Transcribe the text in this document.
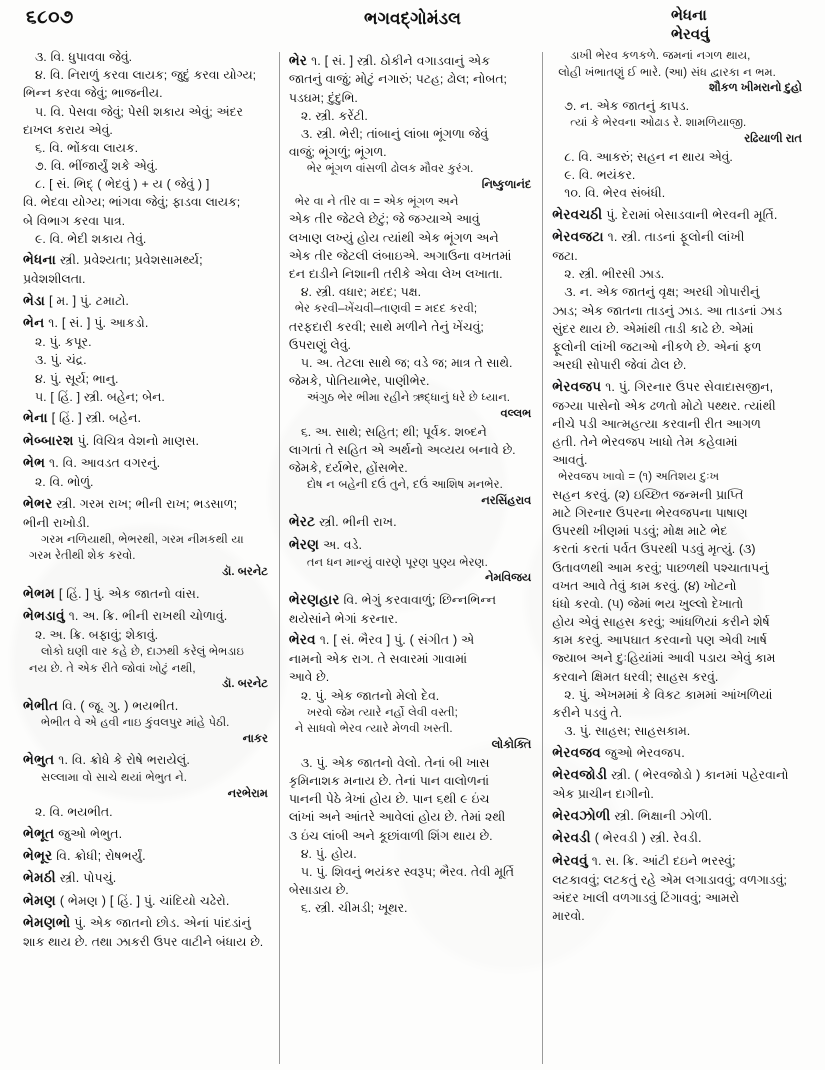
૬૮૦૭	ભગવદ્ગોમંડલ	ભેધના
ભેરવવું
૩. વિ. ધુપાવવા જેવું.
૪. વિ. નિરાળું કરવા લાયક; જુદું કરવા યોગ્ય;
ભિન્ન કરવા જેવું; ભાજનીય.
૫. વિ. પેસવા જેવું; પેસી શકાય એવું; અંદર
દાખલ કરાય એવું.
૬. વિ. ભોંકવા લાયક.
૭. વિ. ભીંજાર્યું શકે એવું.
૮. [ સં. ભિદ્ ( ભેદવું ) + ય ( જેવું ) ]
વિ. ભેદવા યોગ્ય; ભાંગવા જેવું; ફાડવા લાયક;
બે વિભાગ કરવા પાત્ર.
૯. વિ. ભેદી શકાય તેવું.
ભેધના સ્ત્રી. પ્રવેશ્યતા; પ્રવેશસામર્થ્ય;
પ્રવેશશીલતા.
ભેડા [ મ. ] પું. ટમાટો.
ભેન ૧. [ સં. ] પું. આકડો.
૨. પું. કપૂર.
૩. પું. ચંદ્ર.
૪. પું. સૂર્ય; ભાનુ.
૫. [ હિં. ] સ્ત્રી. બહેન; બેન.
ભેના [ હિં. ] સ્ત્રી. બહેન.
ભેબ્બારશ પું. વિચિત્ર વેશનો માણસ.
ભેભ ૧. વિ. આવડત વગરનું.
૨. વિ. ભોળું.
ભેભર સ્ત્રી. ગરમ રાખ; ભીની રાખ; ભડસાળ;
ભીની રાખોડી.
ગરમ નળિયાથી, ભેભરથી, ગરમ નીમકથી યા
ગરમ રેતીથી શેક કરવો.
ડૉ. બરનેટ
ભેભમ [ હિં. ] પું. એક જાતનો વાંસ.
ભેભડાવું ૧. અ. ક્રિ. ભીની રાખથી ચોળાવું.
૨. અ. ક્રિ. બફાવું; શેકાવું.
લોકો ઘણી વાર કહે છે, દાઝથી કરેલું ભેભડાઇ
નય છે. તે એક રીતે જોવાં ખોટું નથી,
ડૉ. બરનેટ
ભેભીત વિ. ( જૂ. ગુ. ) ભયભીત.
ભેભીત વે એ હવી નાઇ કુંવલપુર માંહે પેઠી.
નાકર
ભેભુત ૧. વિ. ક્રોધે કે રોષે ભરાયેલું.
સલ્લામા વો સાચે થયાં ભેભુત ને.
નરભેરામ
૨. વિ. ભયભીત.
ભેભૂત જુઓ ભેભુત.
ભેભૂર વિ. ક્રોધી; રોષભર્યું.
ભેમઠી સ્ત્રી. પોપચું.
ભેમણ ( ભેમણ ) [ હિં. ] પું. ચાંદિયો ચઢેરો.
ભેમણભો પું. એક જાતનો છોડ. એનાં પાંદડાંનું
શાક થાય છે. તથા ઝાકરી ઉપર વાટીને બંધાય છે.
ભેર ૧. [ સં. ] સ્ત્રી. ઠોકીને વગાડવાનું એક
જાતનું વાજું; મોટું નગારું; પટહ; ઢોલ; નોબત;
પડઘમ; દુંદુભિ.
૨. સ્ત્રી. કરેંટી.
૩. સ્ત્રી. ભેરી; તાંબાનું લાંબા ભૂંગળા જેવું
વાજું; ભૂંગળું; ભૂંગળ.
ભેર ભૂંગળ વાંસળી ઢોલક મૌવર કુરંગ.
નિષ્કુળાનંદ
ભેર વા ને તીર વા = એક ભૂંગળ અને
એક તીર જેટલે છેટું; જે જગ્યાએ આવું
લખાણ લખ્યું હોય ત્યાંથી એક ભૂંગળ અને
એક તીર જેટલી લંબાઇએ. અગાઉના વખતમાં
દન દાડીને નિશાની તરીકે એવા લેખ લખાતા.
૪. સ્ત્રી. વધાર; મદદ; પક્ષ.
ભેર કરવી–ખેંચવી–તાણવી = મદદ કરવી;
તરફદારી કરવી; સાથે મળીને તેનું ખેંચવું;
ઉપરાણું લેવું.
૫. અ. તેટલા સાથે જ; વડે જ; માત્ર તે સાથે.
જેમકે, પોતિયાભેર, પાણીભેર.
અંગુઠ ભેર ભીમા રહીને ઋદ્ધાનું ધરે છે ધ્યાન.
વલ્લભ
૬. અ. સાથે; સહિત; થી; પૂર્વક. શબ્દને
લાગતાં તે સહિત એ અર્થનો અવ્યય બનાવે છે.
જેમકે, દર્યભેર, હોંસભેર.
દોષ ન બહેની દઉં તુને, દઉં આશિષ મનભેર.
નરસિંહરાવ
ભેરટ સ્ત્રી. ભીની રાખ.
ભેરણ અ. વડે.
તન ધન માન્યું વારણે પૂરણ પુણ્ય ભેરણ.
નેમવિજય
ભેરણહાર વિ. ભેગું કરવાવાળું; છિન્નભિન્ન
થયેસાંને ભેગાં કરનાર.
ભેરવ ૧. [ સં. ભૈરવ ] પું. ( સંગીત ) એ
નામનો એક રાગ. તે સવારમાં ગાવામાં
આવે છે.
૨. પું. એક જાતનો મેલો દેવ.
ખરવો જેમ ત્યારે નર્હો લેવી વસ્તી;
ને સાધવો ભેરવ ત્યારે મેળવી ખસ્તી.
લોકોક્તિ
૩. પું. એક જાતનો વેલો. તેનાં બી ખાસ
કૃમિનાશક મનાય છે. તેનાં પાન વાલોળનાં
પાનની પેઠે ત્રેખાં હોય છે. પાન ૬થી ૯ ઇંચ
લાંખાં અને આંતરે આવેલાં હોય છે. તેમાં ૨થી
૩ ઇંચ લાંબી અને કૂછાંવાળી શિંગ થાય છે.
૪. પું. હોય.
૫. પું. શિવનું ભયંકર સ્વરૂપ; ભૈરવ. તેવી મૂર્તિ
બેસાડાય છે.
૬. સ્ત્રી. ચીમડી; ખૂથર.
ડાખી ભેરવ કળકળે. જમનાં નગળ થાય,
લોહી ખંભાતણું ઈ ભારે. (આ) સંધ દ્વારકા ન ભમ.
શૌકળ ખીમરાનો દુહો
૭. ન. એક જાતનું કાપડ.
ત્યાં કે ભેરવના ઓઢાડ રે. શામળિયાજી.
રઢિયાળી રાત
૮. વિ. આકરું; સહન ન થાય એવું.
૯. વિ. ભયંકર.
૧૦. વિ. ભેરવ સંબંધી.
ભેરવચઠી પું. દેરામાં બેસાડવાની ભેરવની મૂર્તિ.
ભેરવજટા ૧. સ્ત્રી. તાડનાં ફૂલોની લાંખી
જટા.
૨. સ્ત્રી. ભીરસી ઝાડ.
૩. ન. એક જાતનું વૃક્ષ; અરધી ગોપારીનું
ઝાડ; એક જાતના તાડનું ઝાડ. આ તાડનાં ઝાડ
સુંદર થાય છે. એમાંથી તાડી કાઢે છે. એમાં
ફૂલોની લાંખી જટાઓ નીકળે છે. એનાં ફળ
અરધી સોપારી જેવાં ઢોલ છે.
ભેરવજપ ૧. પું. ગિરનાર ઉપર સેવાદાસજીન,
જગ્યા પાસેનો એક ઢળતો મોટો પથ્થર. ત્યાંથી
નીચે પડી આત્મહત્યા કરવાની રીત આગળ
હતી. તેને ભેરવજપ ખાધો તેમ કહેવામાં
આવતું.
ભેરવજપ ખાવો = (૧) અતિશય દુઃખ
સહન કરવું. (૨) ઇચ્છિત જન્મની પ્રાપ્તિ
માટે ગિરનાર ઉપરના ભેરવજપના પાષાણ
ઉપરથી ખીણમાં પડવું; મોક્ષ માટે ભેદ
કરતાં કરતાં પર્વત ઉપરથી પડવું મૃત્યું. (૩)
ઉતાવળથી આમ કરવું; પાછળથી પશ્ચાતાપનું
વખત આવે તેવું કામ કરવું. (૪) ખોટનો
ધંધો કરવો. (૫) જેમાં ભય ખુલ્લો દેખાતો
હોય એવું સાહસ કરવું; આંધળિયાં કરીને શેર્ષ
કામ કરવું. આપઘાત કરવાનો પણ એવી ખાર્ષ
જ્યાબ અને દુઃહિયાંમાં આવી પડાય એવું કામ
કરવાને ક્ષિમત ધરવી; સાહસ કરવું.
૨. પું. એખમમાં કે વિકટ કામમાં આંખળિયાં
કરીને પડવું તે.
૩. પું. સાહસ; સાહસકામ.
ભેરવજવ જુઓ ભેરવજપ.
ભેરવજોડી સ્ત્રી. ( ભેરવજોડો ) કાનમાં પહેરવાનો
એક પ્રાચીન દાગીનો.
ભેરવઝોળી સ્ત્રી. ભિક્ષાની ઝોળી.
ભેરવડી ( ભેરવડી ) સ્ત્રી. રેવડી.
ભેરવવું ૧. સ. ક્રિ. આંટી દઇને ભરસ્વું;
લટકાવવું; લટકતું રહે એમ લગાડાવવું; વળગાડવું;
અંદર ખાલી વળગાડવું ટિંગાવવું; આમરો
મારવો.
